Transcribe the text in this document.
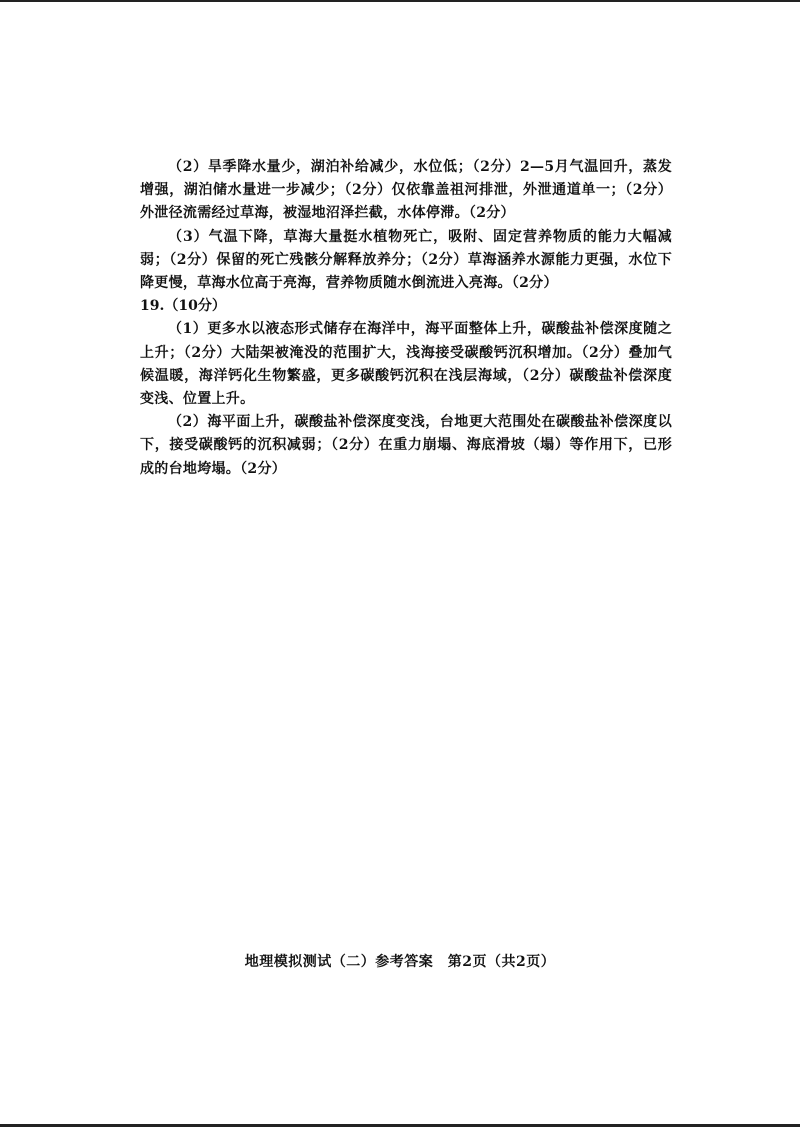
（2）旱季降水量少，湖泊补给减少，水位低；（2分）2—5月气温回升，蒸发增强，湖泊储水量进一步减少；（2分）仅依靠盖祖河排泄，外泄通道单一；（2分）外泄径流需经过草海，被湿地沼泽拦截，水体停滞。（2分）

（3）气温下降，草海大量挺水植物死亡，吸附、固定营养物质的能力大幅减弱；（2分）保留的死亡残骸分解释放养分；（2分）草海涵养水源能力更强，水位下降更慢，草海水位高于亮海，营养物质随水倒流进入亮海。（2分）

19.（10分）

（1）更多水以液态形式储存在海洋中，海平面整体上升，碳酸盐补偿深度随之上升；（2分）大陆架被淹没的范围扩大，浅海接受碳酸钙沉积增加。（2分）叠加气候温暖，海洋钙化生物繁盛，更多碳酸钙沉积在浅层海域，（2分）碳酸盐补偿深度变浅、位置上升。

（2）海平面上升，碳酸盐补偿深度变浅，台地更大范围处在碳酸盐补偿深度以下，接受碳酸钙的沉积减弱；（2分）在重力崩塌、海底滑坡（塌）等作用下，已形成的台地垮塌。（2分）

地理模拟测试（二）参考答案　第2页（共2页）
